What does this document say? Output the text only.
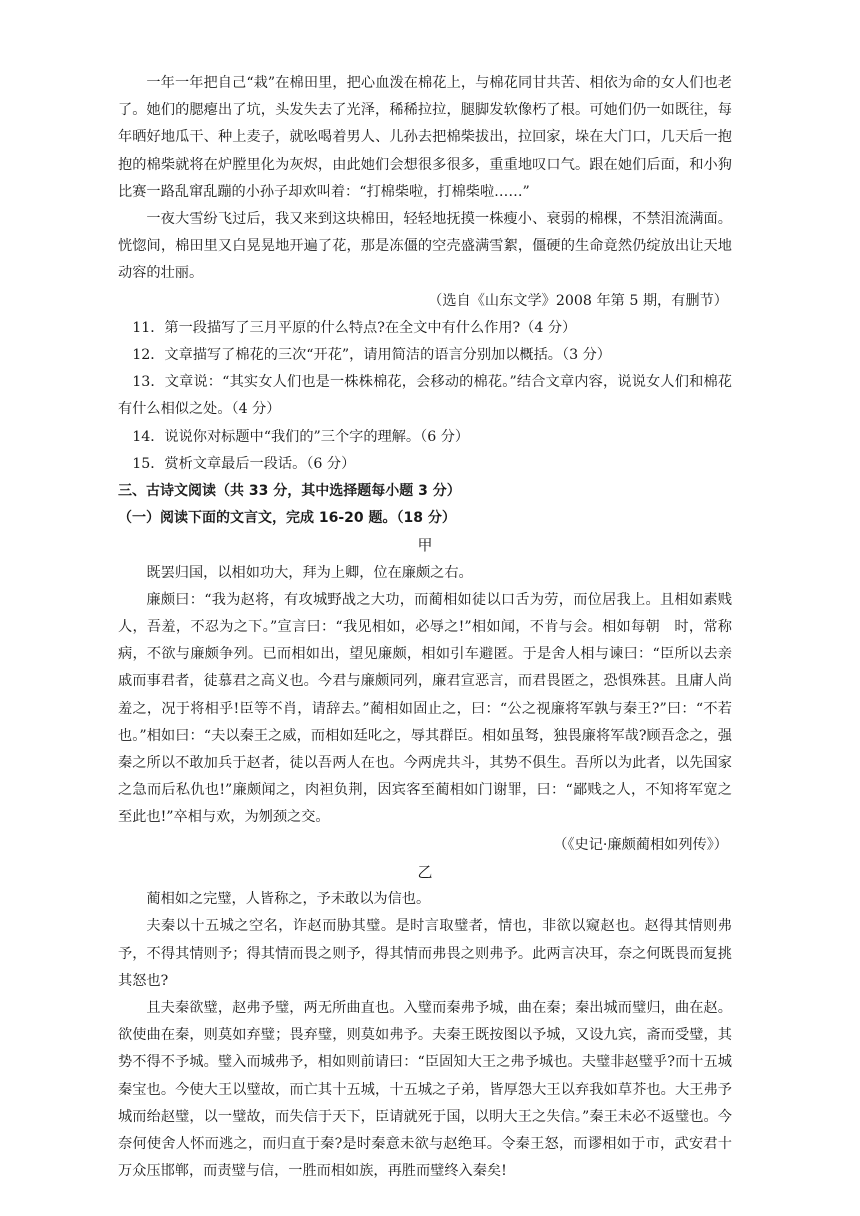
一年一年把自己“栽”在棉田里，把心血泼在棉花上，与棉花同甘共苦、相依为命的女人们也老了。她们的腮瘪出了坑，头发失去了光泽，稀稀拉拉，腿脚发软像朽了根。可她们仍一如既往，每年晒好地瓜干、种上麦子，就吆喝着男人、儿孙去把棉柴拔出，拉回家，垛在大门口，几天后一抱抱的棉柴就将在炉膛里化为灰烬，由此她们会想很多很多，重重地叹口气。跟在她们后面，和小狗比赛一路乱窜乱蹦的小孙子却欢叫着：“打棉柴啦，打棉柴啦……”

一夜大雪纷飞过后，我又来到这块棉田，轻轻地抚摸一株瘦小、衰弱的棉棵，不禁泪流满面。恍惚间，棉田里又白晃晃地开遍了花，那是冻僵的空壳盛满雪絮，僵硬的生命竟然仍绽放出让天地动容的壮丽。

（选自《山东文学》2008 年第 5 期，有删节）

11．第一段描写了三月平原的什么特点?在全文中有什么作用?（4 分）

12．文章描写了棉花的三次“开花”，请用简洁的语言分别加以概括。（3 分）

13．文章说：“其实女人们也是一株株棉花，会移动的棉花。”结合文章内容，说说女人们和棉花有什么相似之处。（4 分）

14．说说你对标题中“我们的”三个字的理解。（6 分）

15．赏析文章最后一段话。（6 分）

三、古诗文阅读（共 33 分，其中选择题每小题 3 分）

（一）阅读下面的文言文，完成 16-20 题。（18 分）

甲

既罢归国，以相如功大，拜为上卿，位在廉颇之右。

廉颇曰：“我为赵将，有攻城野战之大功，而蔺相如徒以口舌为劳，而位居我上。且相如素贱人，吾羞，不忍为之下。”宣言曰：“我见相如，必辱之!”相如闻，不肯与会。相如每朝　时，常称病，不欲与廉颇争列。已而相如出，望见廉颇，相如引车避匿。于是舍人相与谏曰：“臣所以去亲戚而事君者，徒慕君之高义也。今君与廉颇同列，廉君宣恶言，而君畏匿之，恐惧殊甚。且庸人尚羞之，况于将相乎!臣等不肖，请辞去。”蔺相如固止之，曰：“公之视廉将军孰与秦王?”曰：“不若也。”相如曰：“夫以秦王之威，而相如廷叱之，辱其群臣。相如虽驽，独畏廉将军哉?顾吾念之，强秦之所以不敢加兵于赵者，徒以吾两人在也。今两虎共斗，其势不俱生。吾所以为此者，以先国家之急而后私仇也!”廉颇闻之，肉袒负荆，因宾客至蔺相如门谢罪，曰：“鄙贱之人，不知将军宽之至此也!”卒相与欢，为刎颈之交。

（《史记·廉颇蔺相如列传》）

乙

蔺相如之完璧，人皆称之，予未敢以为信也。

夫秦以十五城之空名，诈赵而胁其璧。是时言取璧者，情也，非欲以窥赵也。赵得其情则弗予，不得其情则予；得其情而畏之则予，得其情而弗畏之则弗予。此两言决耳，奈之何既畏而复挑其怒也?

且夫秦欲璧，赵弗予璧，两无所曲直也。入璧而秦弗予城，曲在秦；秦出城而璧归，曲在赵。欲使曲在秦，则莫如弃璧；畏弃璧，则莫如弗予。夫秦王既按图以予城，又设九宾，斋而受璧，其势不得不予城。璧入而城弗予，相如则前请曰：“臣固知大王之弗予城也。夫璧非赵璧乎?而十五城秦宝也。今使大王以璧故，而亡其十五城，十五城之子弟，皆厚怨大王以弃我如草芥也。大王弗予城而绐赵璧，以一璧故，而失信于天下，臣请就死于国，以明大王之失信。”秦王未必不返璧也。今奈何使舍人怀而逃之，而归直于秦?是时秦意未欲与赵绝耳。令秦王怒，而谬相如于市，武安君十万众压邯郸，而责璧与信，一胜而相如族，再胜而璧终入秦矣!
